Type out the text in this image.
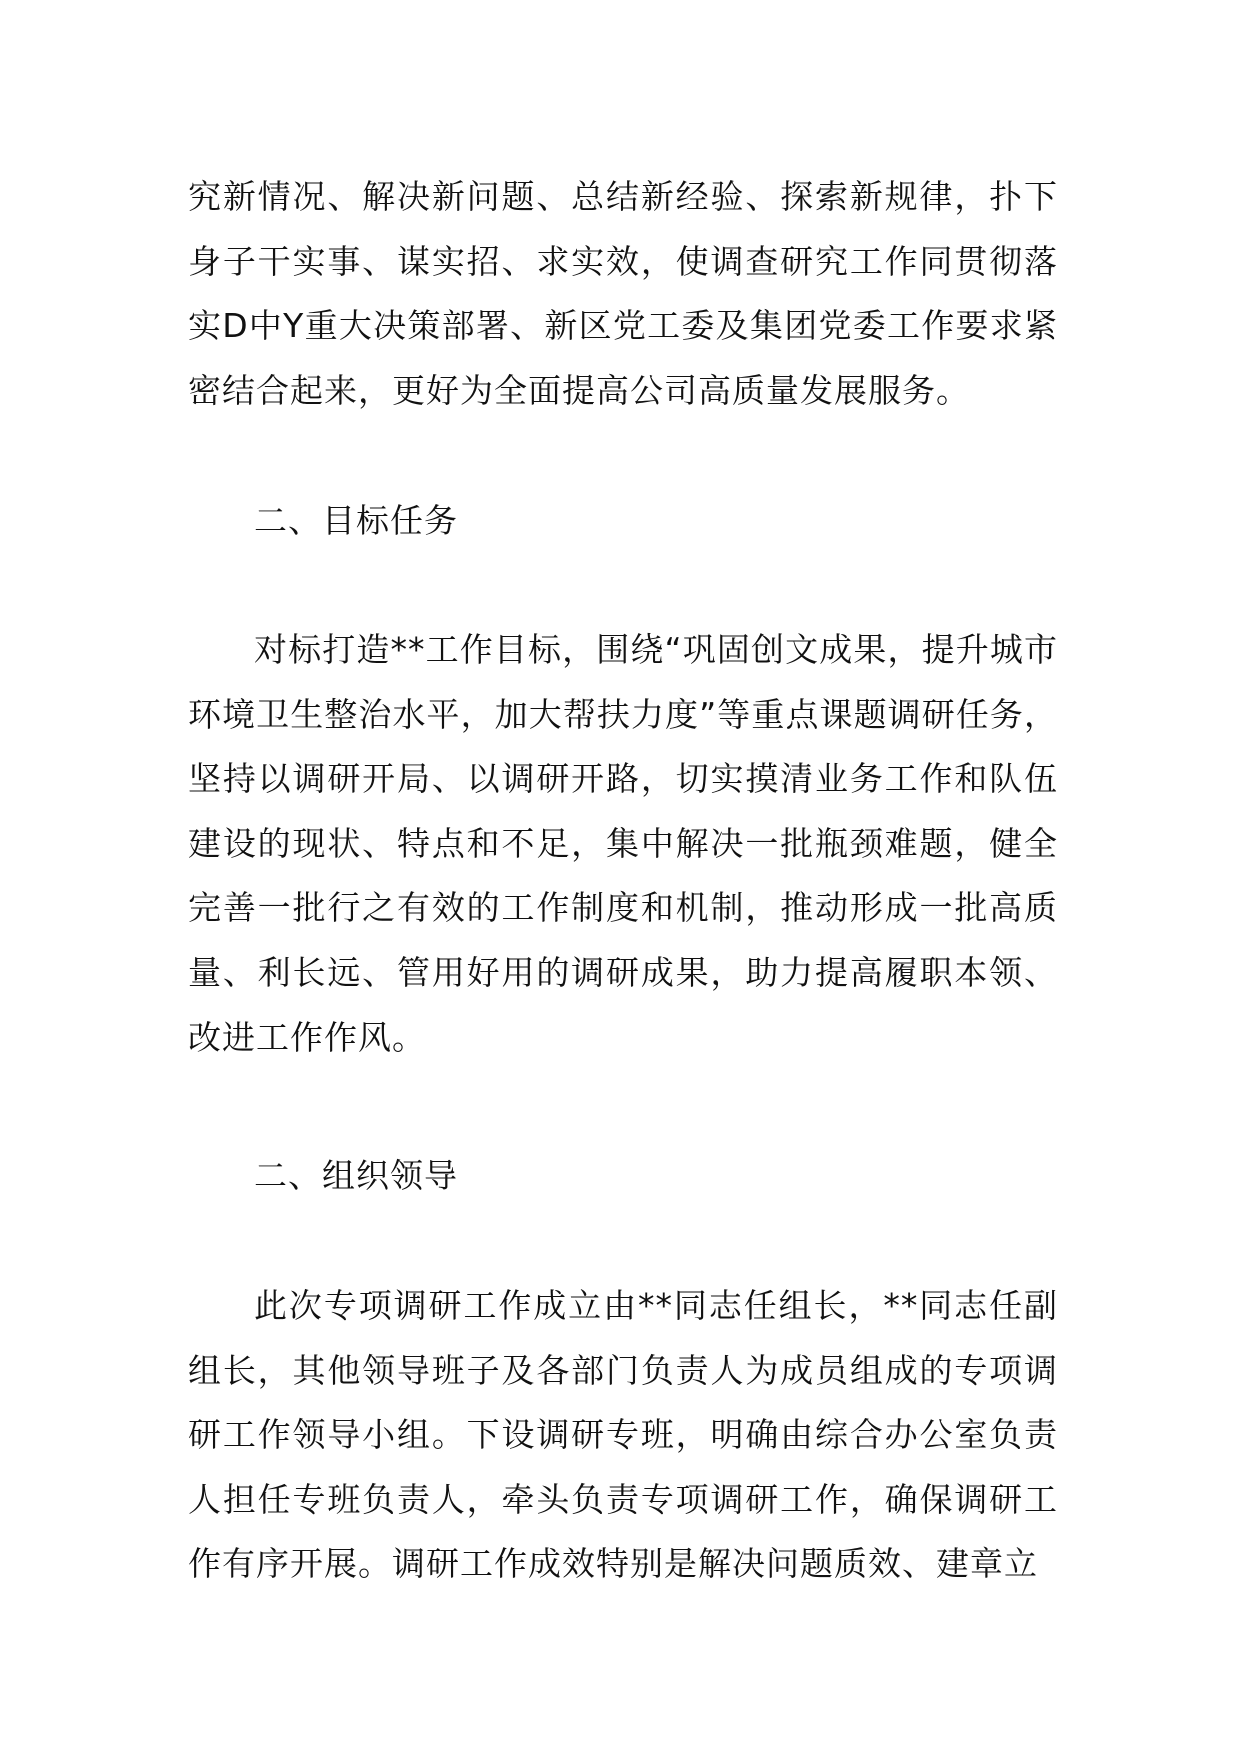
究新情况、解决新问题、总结新经验、探索新规律，扑下身子干实事、谋实招、求实效，使调查研究工作同贯彻落实D中Y重大决策部署、新区党工委及集团党委工作要求紧密结合起来，更好为全面提高公司高质量发展服务。

二、目标任务

对标打造**工作目标，围绕“巩固创文成果，提升城市环境卫生整治水平，加大帮扶力度”等重点课题调研任务，坚持以调研开局、以调研开路，切实摸清业务工作和队伍建设的现状、特点和不足，集中解决一批瓶颈难题，健全完善一批行之有效的工作制度和机制，推动形成一批高质量、利长远、管用好用的调研成果，助力提高履职本领、改进工作作风。

二、组织领导

此次专项调研工作成立由**同志任组长，**同志任副组长，其他领导班子及各部门负责人为成员组成的专项调研工作领导小组。下设调研专班，明确由综合办公室负责人担任专班负责人，牵头负责专项调研工作，确保调研工作有序开展。调研工作成效特别是解决问题质效、建章立
